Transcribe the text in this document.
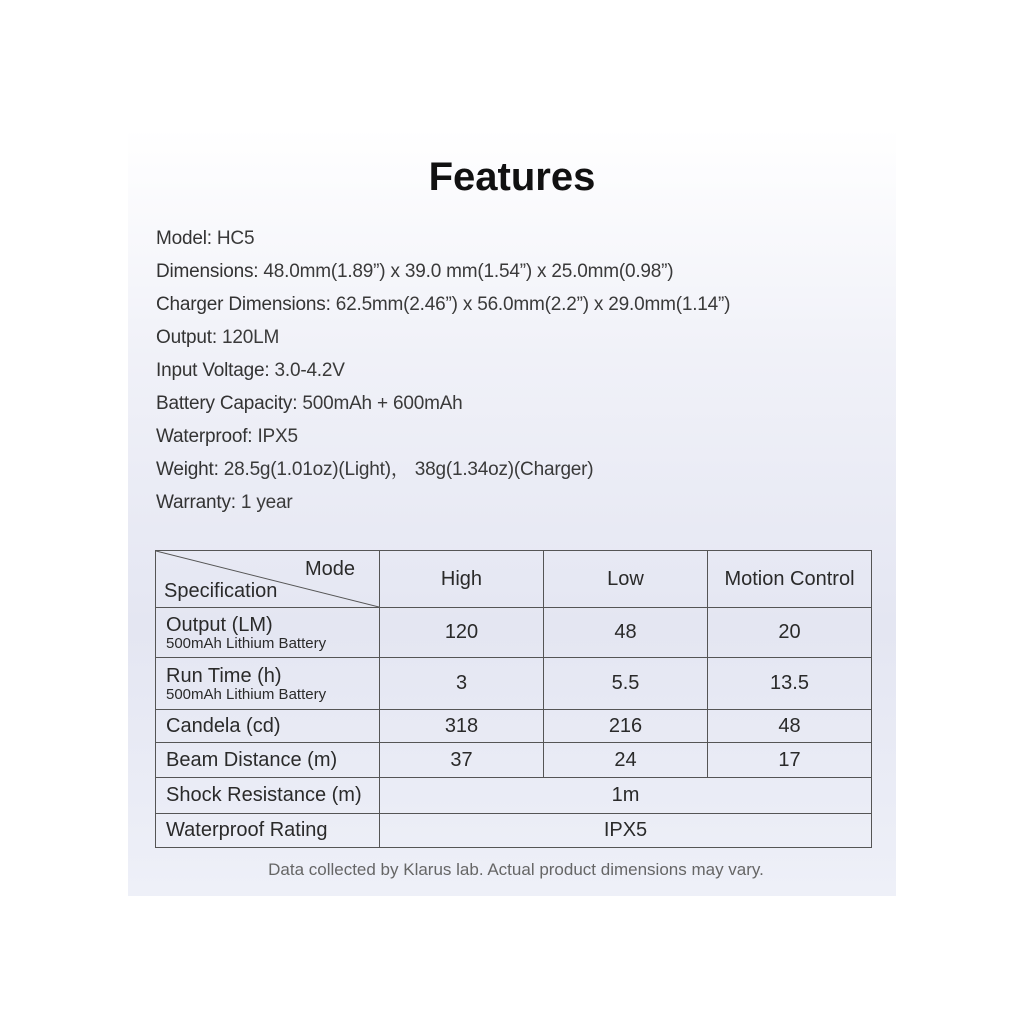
Features
Model: HC5
Dimensions: 48.0mm(1.89”) x 39.0 mm(1.54”) x 25.0mm(0.98”)
Charger Dimensions: 62.5mm(2.46”) x 56.0mm(2.2”) x 29.0mm(1.14”)
Output: 120LM
Input Voltage: 3.0-4.2V
Battery Capacity: 500mAh + 600mAh
Waterproof: IPX5
Weight: 28.5g(1.01oz)(Light)， 38g(1.34oz)(Charger)
Warranty: 1 year
Mode
Specification	High	Low	Motion Control

Output (LM)
500mAh Lithium Battery	120	48	20

Run Time (h)
500mAh Lithium Battery	3	5.5	13.5
Candela (cd)	318	216	48
Beam Distance (m)	37	24	17
Shock Resistance (m)	1m		
Waterproof Rating	IPX5		
Data collected by Klarus lab. Actual product dimensions may vary.
